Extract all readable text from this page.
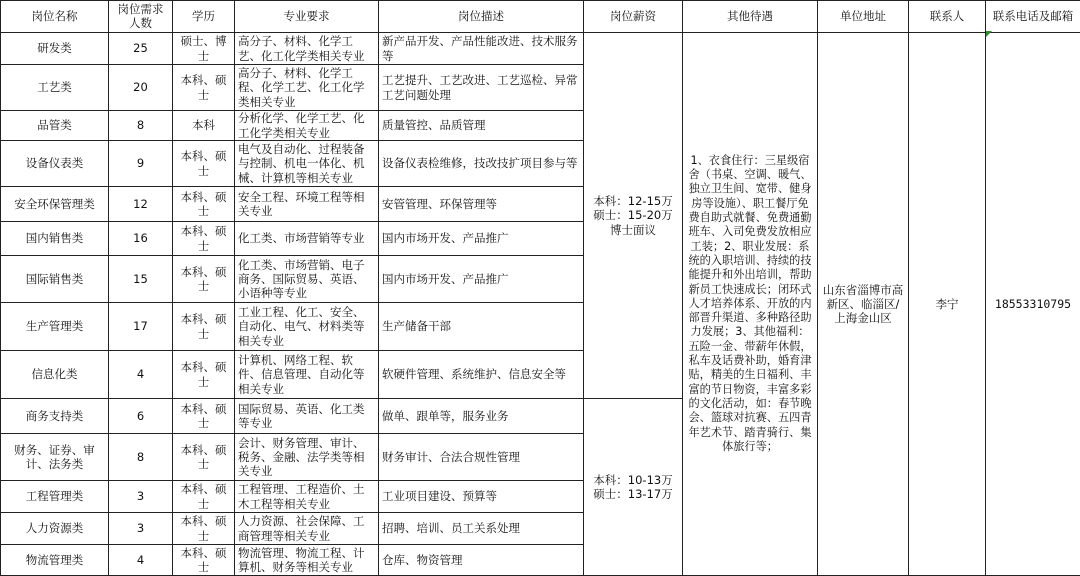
岗位名称	岗位需求人数	学历	专业要求	岗位描述	岗位薪资	其他待遇	单位地址	联系人	联系电话及邮箱
研发类	25	硕士、博士	高分子、材料、化学工艺、化工化学类相关专业	新产品开发、产品性能改进、技术服务等	本科：12-15万 硕士：15-20万 博士面议	1、衣食住行：三星级宿舍（书桌、空调、暖气、独立卫生间、宽带、健身房等设施）、职工餐厅免费自助式就餐、免费通勤班车、入司免费发放相应工装；2、职业发展：系统的入职培训、持续的技能提升和外出培训，帮助新员工快速成长；闭环式人才培养体系、开放的内部晋升渠道、多种路径助力发展；3、其他福利：五险一金、带薪年休假，私车及话费补助，婚育津贴，精美的生日福利、丰富的节日物资，丰富多彩的文化活动，如：春节晚会、篮球对抗赛、五四青年艺术节、踏青骑行、集体旅行等；	山东省淄博市高新区、临淄区/上海金山区	李宁	18553310795
工艺类	20	本科、硕士	高分子、材料、化学工程、化学工艺、化工化学类相关专业	工艺提升、工艺改进、工艺巡检、异常工艺问题处理					
品管类	8	本科	分析化学、化学工艺、化工化学类相关专业	质量管控、品质管理					
设备仪表类	9	本科、硕士	电气及自动化、过程装备与控制、机电一体化、机械、计算机等相关专业	设备仪表检维修，技改技扩项目参与等					
安全环保管理类	12	本科、硕士	安全工程、环境工程等相关专业	安管管理、环保管理等					
国内销售类	16	本科、硕士	化工类、市场营销等专业	国内市场开发、产品推广					
国际销售类	15	本科、硕士	化工类、市场营销、电子商务、国际贸易、英语、小语种等专业	国内市场开发、产品推广					
生产管理类	17	本科、硕士	工业工程、化工、安全、自动化、电气、材料类等相关专业	生产储备干部					
信息化类	4	本科、硕士	计算机、网络工程、软件、信息管理、自动化等相关专业	软硬件管理、系统维护、信息安全等					
商务支持类	6	本科、硕士	国际贸易、英语、化工类等专业	做单、跟单等，服务业务	本科：10-13万 硕士：13-17万				
财务、证券、审计、法务类	8	本科、硕士	会计、财务管理、审计、税务、金融、法学类等相关专业	财务审计、合法合规性管理					
工程管理类	3	本科、硕士	工程管理、工程造价、土木工程等相关专业	工业项目建设、预算等					
人力资源类	3	本科、硕士	人力资源、社会保障、工商管理等相关专业	招聘、培训、员工关系处理					
物流管理类	4	本科、硕士	物流管理、物流工程、计算机、财务等相关专业	仓库、物资管理					
